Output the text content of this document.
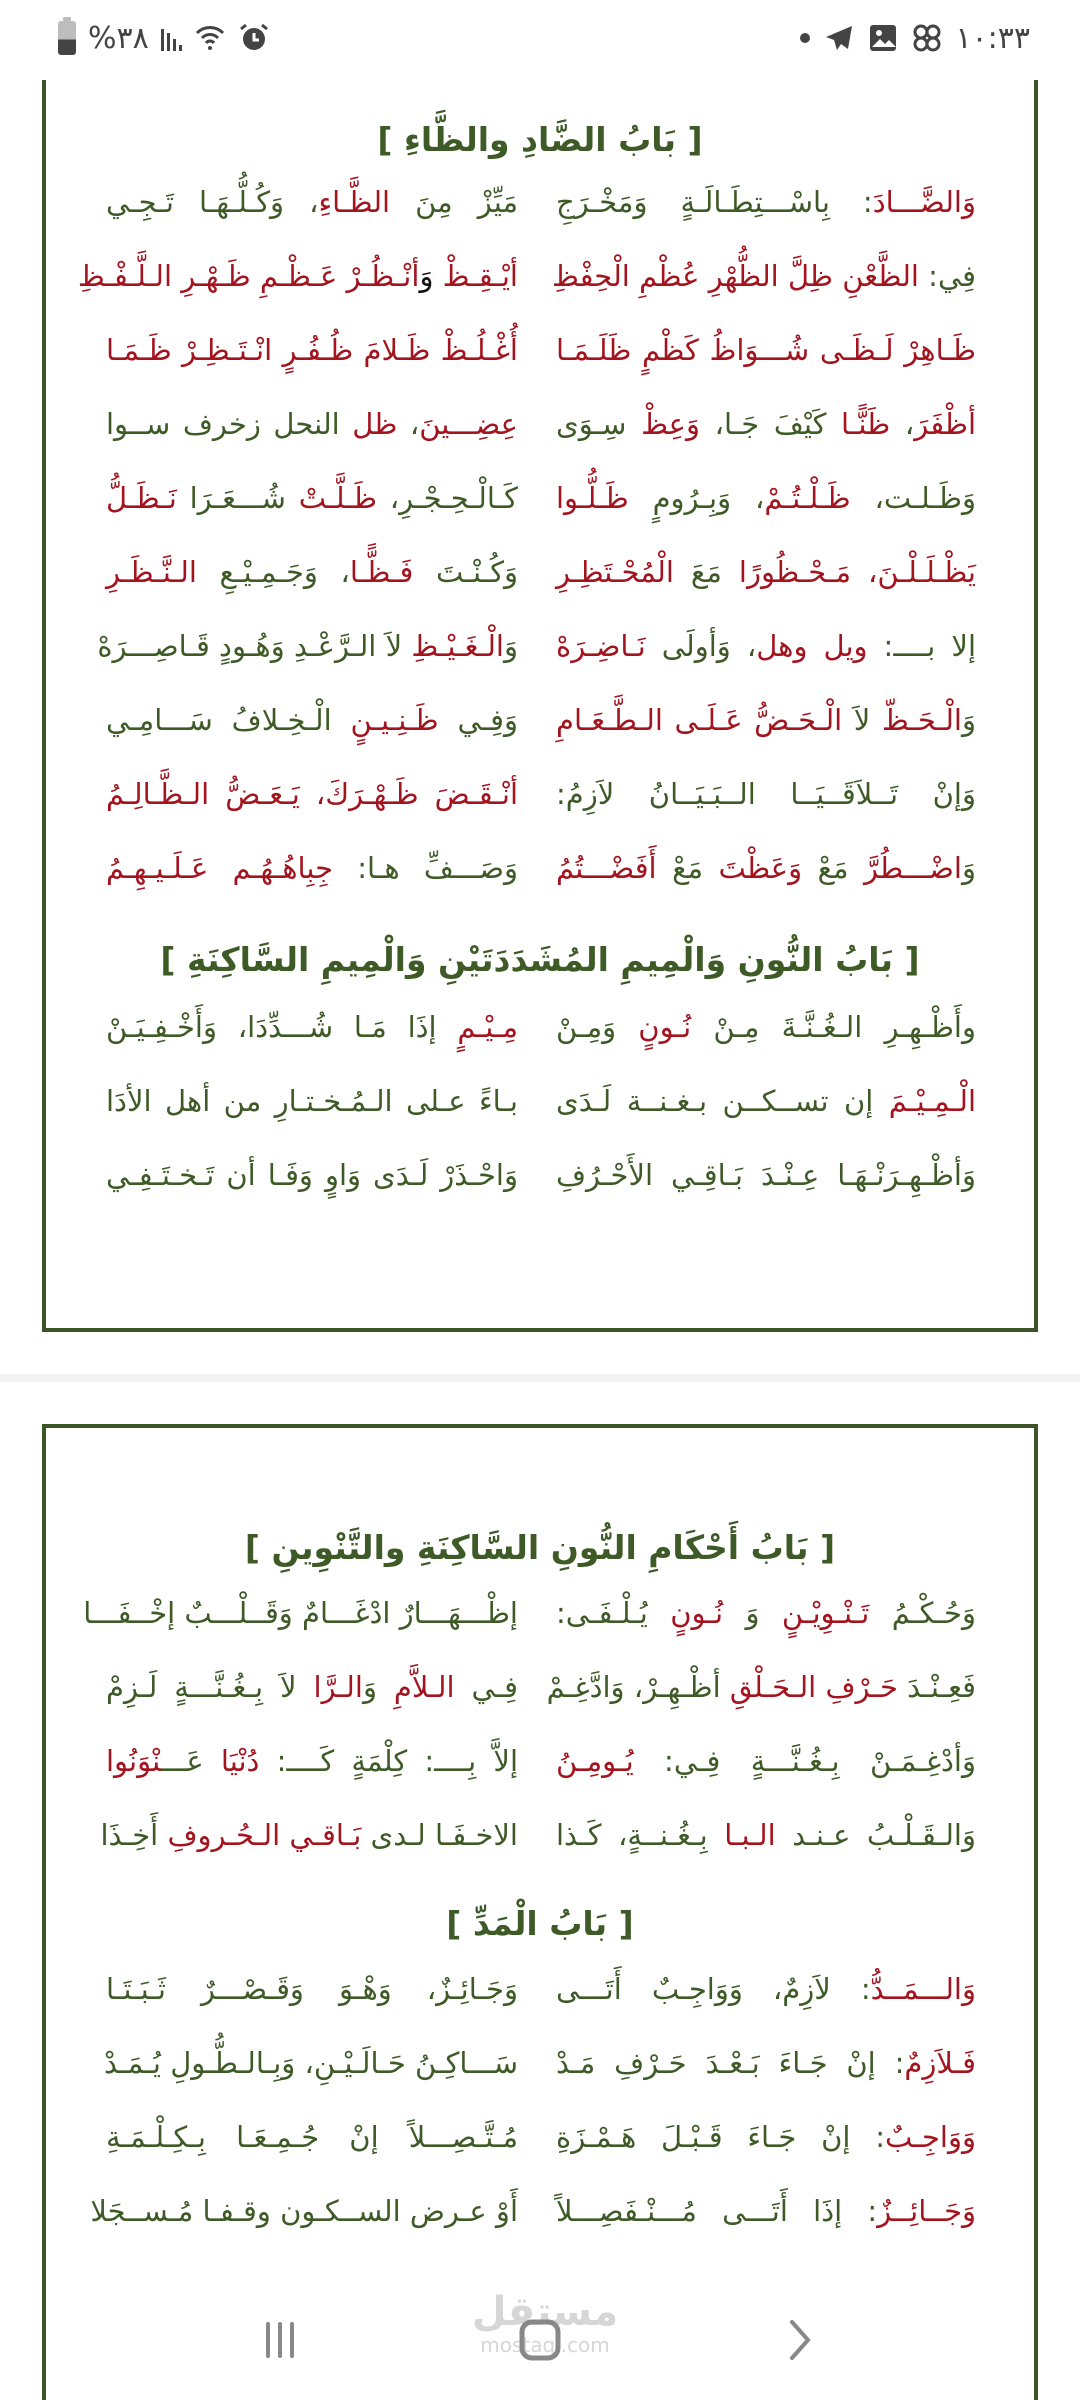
%٣٨	١٠:٣٣
[ بَابُ الضَّادِ والظَّاءِ ]
وَالضَّـــادَ: بِاسْـــتِطَـالَـةٍ وَمَخْـرَجِ
مَيِّزْ مِنَ الظَّـاءِ، وَكُـلُّـهَـا تَـجِـي
فِي: الظَّعْنِ ظِلَّ الظُّهْرِ عُظْمِ الْحِفْظِ
أيْـقِـظْ وَأنْـظُـرْ عَـظْـمِ ظَـهْـرِ الـلَّـفْـظِ
ظَـاهِرْ لَـظَـى شُـــوَاظُ كَظْمٍ ظَلَـمَـا
أُغْـلُـظْ ظَـلامَ ظُـفُـرٍ انْـتَـظِـرْ ظَـمَـا
أظْفَرَ، ظَنًّـا كَيْفَ جَـا، وَعِظْ سِـوَى
عِضِـــينَ، ظل النحل زخرف ســوا
وَظَـلـت، ظَـلْـتُـمْ، وَبِـرُومٍ ظَـلُّـوا
كَـالْـحِـجْـرِ، ظَـلَّـتْ شُـــعَـرَا نَـظَـلُّ
يَظْـلَـلْـنَ، مَـحْـظُورًا مَعَ الْمُحْـتَظِـرِ
وَكُـنْـتَ فَـظًّـا، وَجَـمِـيْـعِ الـنَّـظَـرِ
إلا بــــ: ويل وهل، وَأولَى نَـاضِـرَهْ
وَالْـغَـيْـظِ لاَ الـرَّعْـدِ وَهُـودٍ قَـاصِـــرَهْ
وَالْـحَـظّ لاَ الْـحَـضُّ عَـلَـى الـطَّـعَـامِ
وَفِـي ظَـنِـيـنٍ الْـخِـلافُ سَـــامِـي
وَإنْ تَــلاَقَــيَــا الــبَـيَــانُ لاَزِمُ:
أنْـقَـضَ ظَـهْـرَكَ، يَـعَـضُّ الـظَّـالِـمُ
وَاضْـــطُرَّ مَعْ وَعَظْتَ مَعْ أَفَضْـــتُمُ
وَصَـــفِّ هـا: جِبِاهُـهُـم عَـلَـيـهِـمُ
[ بَابُ النُّونِ وَالْمِيمِ المُشَدَدَتَيْنِ وَالْمِيمِ السَّاكِنَةِ ]
وأَظْـهِـرِ الـغُـنَّـةَ مِـنْ نُـونٍ وَمِـنْ
مِـيْـمٍ إذَا مَـا شُـــدِّدَا، وَأَخْـفِـيَـنْ
الْـمِـيْـمَ إن تســكــن بـغـنــة لَـدَى
بـاءً عـلى الـمُـخـتـارِ من أهل الأدَا
وَأظْـهِـرَنْـهَـا عِـنْـدَ بَـاقِـي الأَحْـرُفِ
وَاحْـذَرْ لَـدَى وَاوٍ وَفَـا أن تَـخـتَـفِـي
[ بَابُ أَحْكَامِ النُّونِ السَّاكِنَةِ والتَّنْوِينِ ]
وَحُـكْـمُ تَـنْـوِيْـنٍ وَ نُـونٍ يُـلْـفَـى:
إظْـــهَـــارٌ ادْغَـــامٌ وَقَــلْـــبٌ إخْــفَـــا
فَعِـنْـدَ حَـرْفِ الـحَـلْقِ أظْـهِـرْ، وَادَّغِـمْ
فِـي الـلاَّمِ وَالـرَّا لاَ بِـغُـنَّـــةٍ لَـزِمْ
وَأدْغِـمَـنْ بِـغُـنَّـــةٍ فِـي: يُـومِـنُ
إلاَّ بِــــ: كِلْمَةٍ كَــــ: دُنْيَا عَـــنْوَنُوا
وَالـقَـلْـبُ عـنـد الـبـا بِـغُـنــةٍ، كَـذا
الاخـفَـا لـدى بَـاقـي الـحُـروفِ أَخِـذَا
[ بَابُ الْمَدِّ ]
وَالـــمَــدُّ: لاَزِمٌ، وَوَاجِـبٌ أَتَـــى
وَجَـائِـزٌ، وَهْـوَ وَقَـصْـــرٌ ثَـبَـتَـا
فَـلاَزِمٌ: إنْ جَـاءَ بَـعْـدَ حَـرْفِ مَـدْ
سَـــاكِـنُ حَـالَـيْـنِ، وَبِـالـطُّـولِ يُـمَـدْ
وَوَاجِـبٌ: إنْ جَـاءَ قَـبْـلَ هَـمْـزَةِ
مُـتَّـصِـــلاً إنْ جُـمِـعَـا بِـكِـلْـمَـةِ
وَجَــائِــزٌ: إذَا أَتَـــى مُـــنْـفَصِـــلاً
أَوْ عـرض الســكـون وقـفـا مُـســجَلا
مستقل
mostaql.com
